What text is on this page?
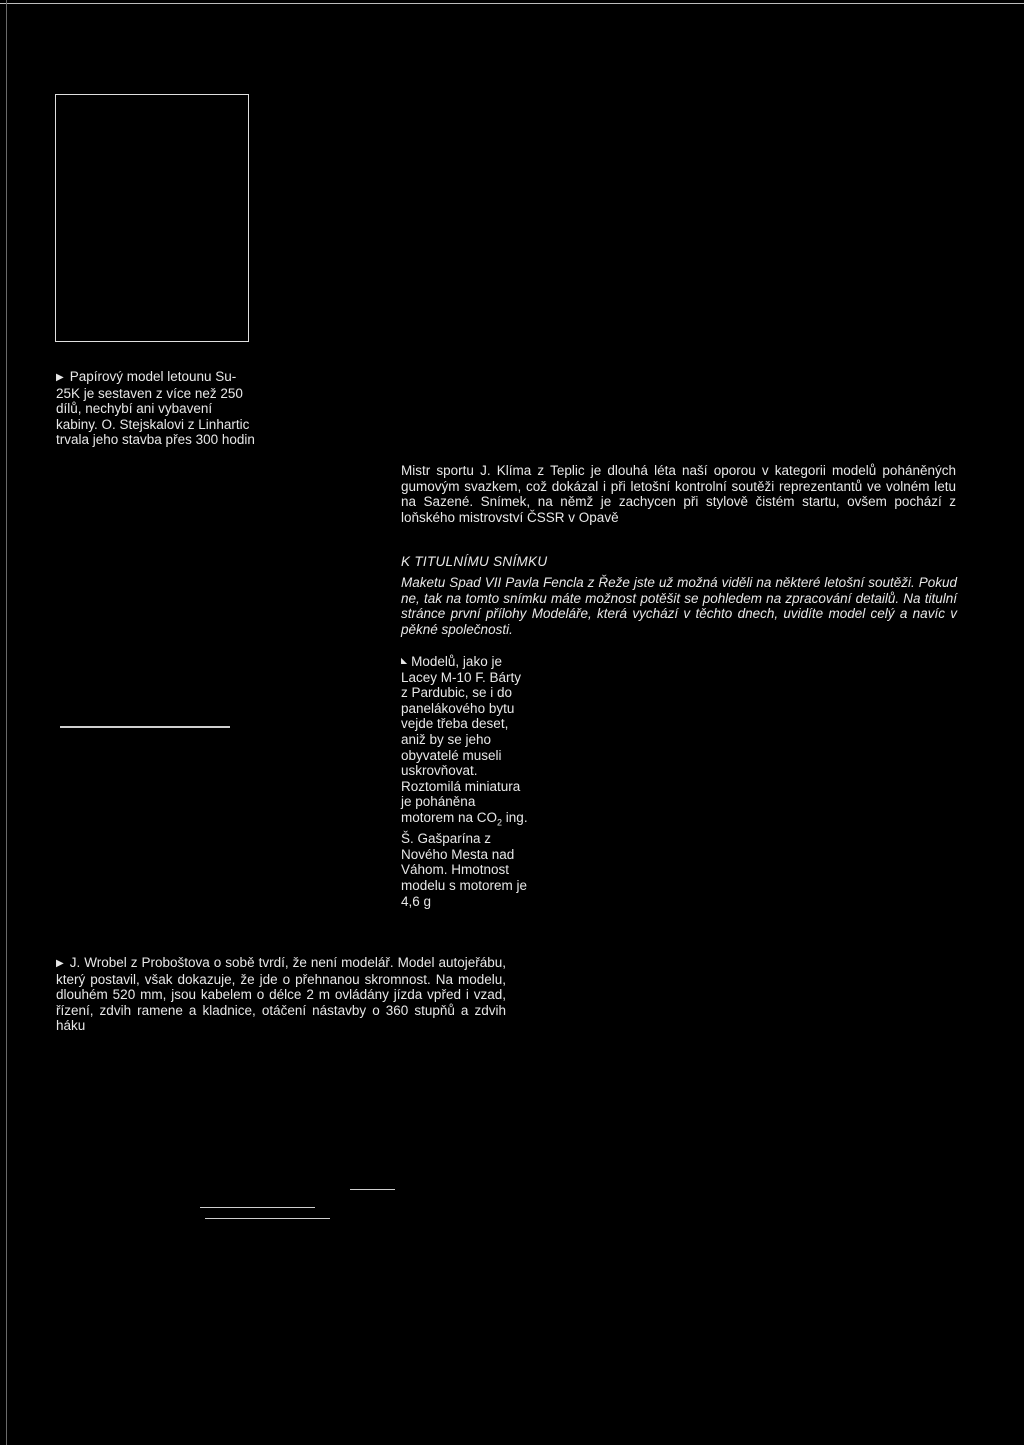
▶ Papírový model letounu Su-25K je sestaven z více než 250 dílů, nechybí ani vybavení kabiny. O. Stejskalovi z Linhartic trvala jeho stavba přes 300 hodin

Mistr sportu J. Klíma z Teplic je dlouhá léta naší oporou v kategorii modelů poháněných gumovým svazkem, což dokázal i při letošní kontrolní soutěži reprezentantů ve volném letu na Sazené. Snímek, na němž je zachycen při stylově čistém startu, ovšem pochází z loňského mistrovství ČSSR v Opavě

K TITULNÍMU SNÍMKU
Maketu Spad VII Pavla Fencla z Řeže jste už možná viděli na některé letošní soutěži. Pokud ne, tak na tomto snímku máte možnost potěšit se pohledem na zpracování detailů. Na titulní stránce první přílohy Modeláře, která vychází v těchto dnech, uvidíte model celý a navíc v pěkné společnosti.

◣ Modelů, jako je Lacey M-10 F. Bárty z Pardubic, se i do panelákového bytu vejde třeba deset, aniž by se jeho obyvatelé museli uskrovňovat. Roztomilá miniatura je poháněna motorem na $CO_2$ ing. Š. Gašparína z Nového Mesta nad Váhom. Hmotnost modelu s motorem je 4,6 g

▶ J. Wrobel z Proboštova o sobě tvrdí, že není modelář. Model autojeřábu, který postavil, však dokazuje, že jde o přehnanou skromnost. Na modelu, dlouhém 520 mm, jsou kabelem o délce 2 m ovládány jízda vpřed i vzad, řízení, zdvih ramene a kladnice, otáčení nástavby o 360 stupňů a zdvih háku
